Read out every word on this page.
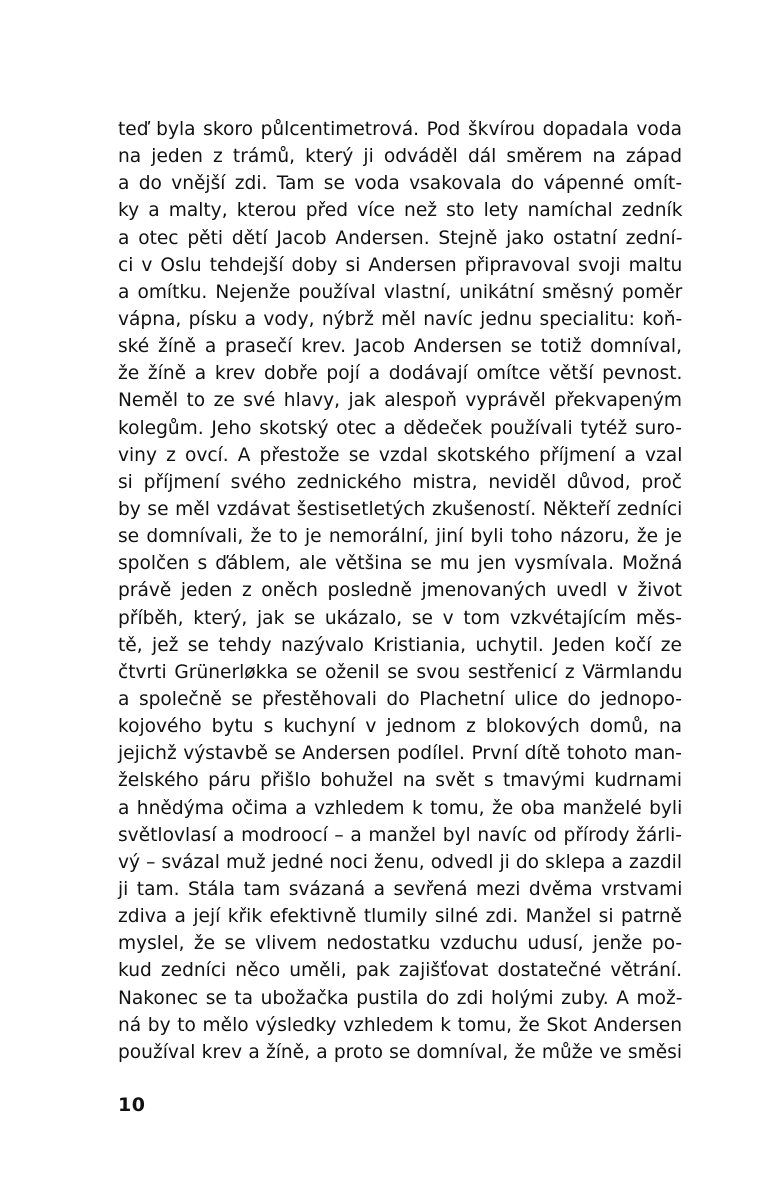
teď byla skoro půlcentimetrová. Pod škvírou dopadala voda
na jeden z trámů, který ji odváděl dál směrem na západ
a do vnější zdi. Tam se voda vsakovala do vápenné omít-
ky a malty, kterou před více než sto lety namíchal zedník
a otec pěti dětí Jacob Andersen. Stejně jako ostatní zední-
ci v Oslu tehdejší doby si Andersen připravoval svoji maltu
a omítku. Nejenže používal vlastní, unikátní směsný poměr
vápna, písku a vody, nýbrž měl navíc jednu specialitu: koň-
ské žíně a prasečí krev. Jacob Andersen se totiž domníval,
že žíně a krev dobře pojí a dodávají omítce větší pevnost.
Neměl to ze své hlavy, jak alespoň vyprávěl překvapeným
kolegům. Jeho skotský otec a dědeček používali tytéž suro-
viny z ovcí. A přestože se vzdal skotského příjmení a vzal
si příjmení svého zednického mistra, neviděl důvod, proč
by se měl vzdávat šestisetletých zkušeností. Někteří zedníci
se domnívali, že to je nemorální, jiní byli toho názoru, že je
spolčen s ďáblem, ale většina se mu jen vysmívala. Možná
právě jeden z oněch posledně jmenovaných uvedl v život
příběh, který, jak se ukázalo, se v tom vzkvétajícím měs-
tě, jež se tehdy nazývalo Kristiania, uchytil. Jeden kočí ze
čtvrti Grünerløkka se oženil se svou sestřenicí z Värmlandu
a společně se přestěhovali do Plachetní ulice do jednopo-
kojového bytu s kuchyní v jednom z blokových domů, na
jejichž výstavbě se Andersen podílel. První dítě tohoto man-
želského páru přišlo bohužel na svět s tmavými kudrnami
a hnědýma očima a vzhledem k tomu, že oba manželé byli
světlovlasí a modroocí – a manžel byl navíc od přírody žárli-
vý – svázal muž jedné noci ženu, odvedl ji do sklepa a zazdil
ji tam. Stála tam svázaná a sevřená mezi dvěma vrstvami
zdiva a její křik efektivně tlumily silné zdi. Manžel si patrně
myslel, že se vlivem nedostatku vzduchu udusí, jenže po-
kud zedníci něco uměli, pak zajišťovat dostatečné větrání.
Nakonec se ta ubožačka pustila do zdi holými zuby. A mož-
ná by to mělo výsledky vzhledem k tomu, že Skot Andersen
používal krev a žíně, a proto se domníval, že může ve směsi
10
